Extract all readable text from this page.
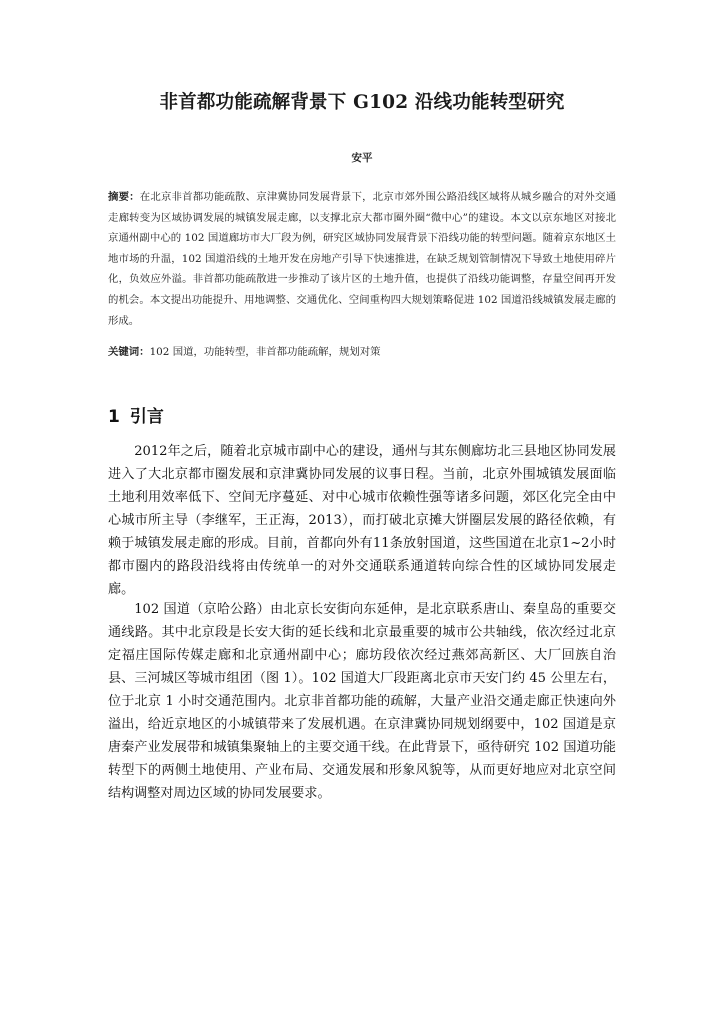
非首都功能疏解背景下 G102 沿线功能转型研究
安平

摘要：在北京非首都功能疏散、京津冀协同发展背景下，北京市郊外围公路沿线区域将从城乡融合的对外交通走廊转变为区域协调发展的城镇发展走廊，以支撑北京大都市圈外圈“微中心”的建设。本文以京东地区对接北京通州副中心的 102 国道廊坊市大厂段为例，研究区域协同发展背景下沿线功能的转型问题。随着京东地区土地市场的升温，102 国道沿线的土地开发在房地产引导下快速推进，在缺乏规划管制情况下导致土地使用碎片化，负效应外溢。非首都功能疏散进一步推动了该片区的土地升值，也提供了沿线功能调整，存量空间再开发的机会。本文提出功能提升、用地调整、交通优化、空间重构四大规划策略促进 102 国道沿线城镇发展走廊的形成。

关键词：102 国道，功能转型，非首都功能疏解，规划对策

1 引言

2012年之后，随着北京城市副中心的建设，通州与其东侧廊坊北三县地区协同发展进入了大北京都市圈发展和京津冀协同发展的议事日程。当前，北京外围城镇发展面临土地利用效率低下、空间无序蔓延、对中心城市依赖性强等诸多问题，郊区化完全由中心城市所主导（李继军，王正海，2013），而打破北京摊大饼圈层发展的路径依赖，有赖于城镇发展走廊的形成。目前，首都向外有11条放射国道，这些国道在北京1~2小时都市圈内的路段沿线将由传统单一的对外交通联系通道转向综合性的区域协同发展走廊。

102 国道（京哈公路）由北京长安街向东延伸，是北京联系唐山、秦皇岛的重要交通线路。其中北京段是长安大街的延长线和北京最重要的城市公共轴线，依次经过北京定福庄国际传媒走廊和北京通州副中心；廊坊段依次经过燕郊高新区、大厂回族自治县、三河城区等城市组团（图 1）。102 国道大厂段距离北京市天安门约 45 公里左右，位于北京 1 小时交通范围内。北京非首都功能的疏解，大量产业沿交通走廊正快速向外溢出，给近京地区的小城镇带来了发展机遇。在京津冀协同规划纲要中，102 国道是京唐秦产业发展带和城镇集聚轴上的主要交通干线。在此背景下，亟待研究 102 国道功能转型下的两侧土地使用、产业布局、交通发展和形象风貌等，从而更好地应对北京空间结构调整对周边区域的协同发展要求。
